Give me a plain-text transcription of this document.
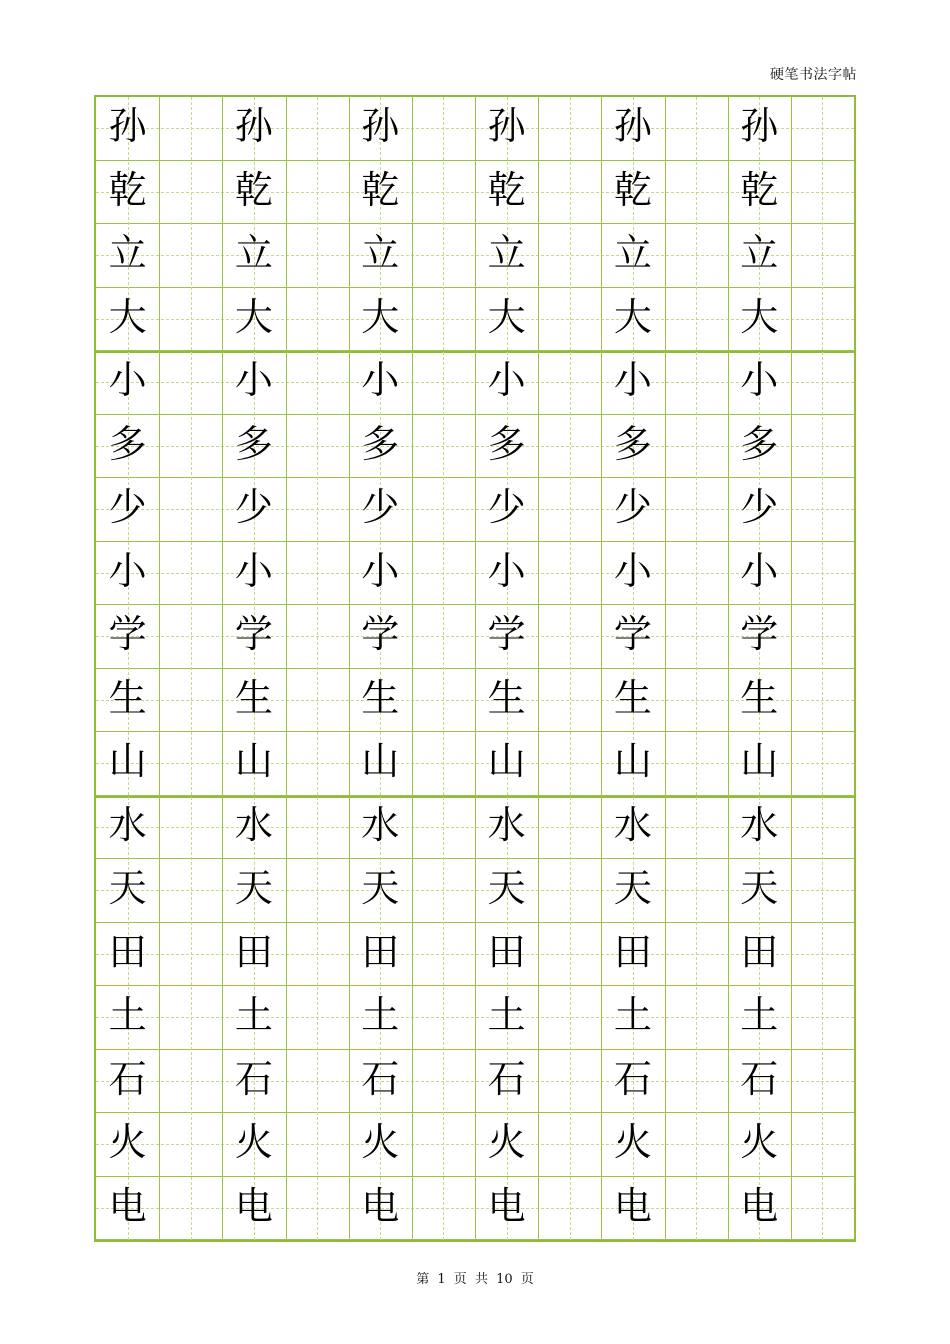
硬笔书法字帖
孙	孙	孙	孙	孙	孙
乾	乾	乾	乾	乾	乾
立	立	立	立	立	立
大	大	大	大	大	大
小	小	小	小	小	小
多	多	多	多	多	多
少	少	少	少	少	少
小	小	小	小	小	小
学	学	学	学	学	学
生	生	生	生	生	生
山	山	山	山	山	山
水	水	水	水	水	水
天	天	天	天	天	天
田	田	田	田	田	田
土	土	土	土	土	土
石	石	石	石	石	石
火	火	火	火	火	火
电	电	电	电	电	电
第 1 页 共 10 页
